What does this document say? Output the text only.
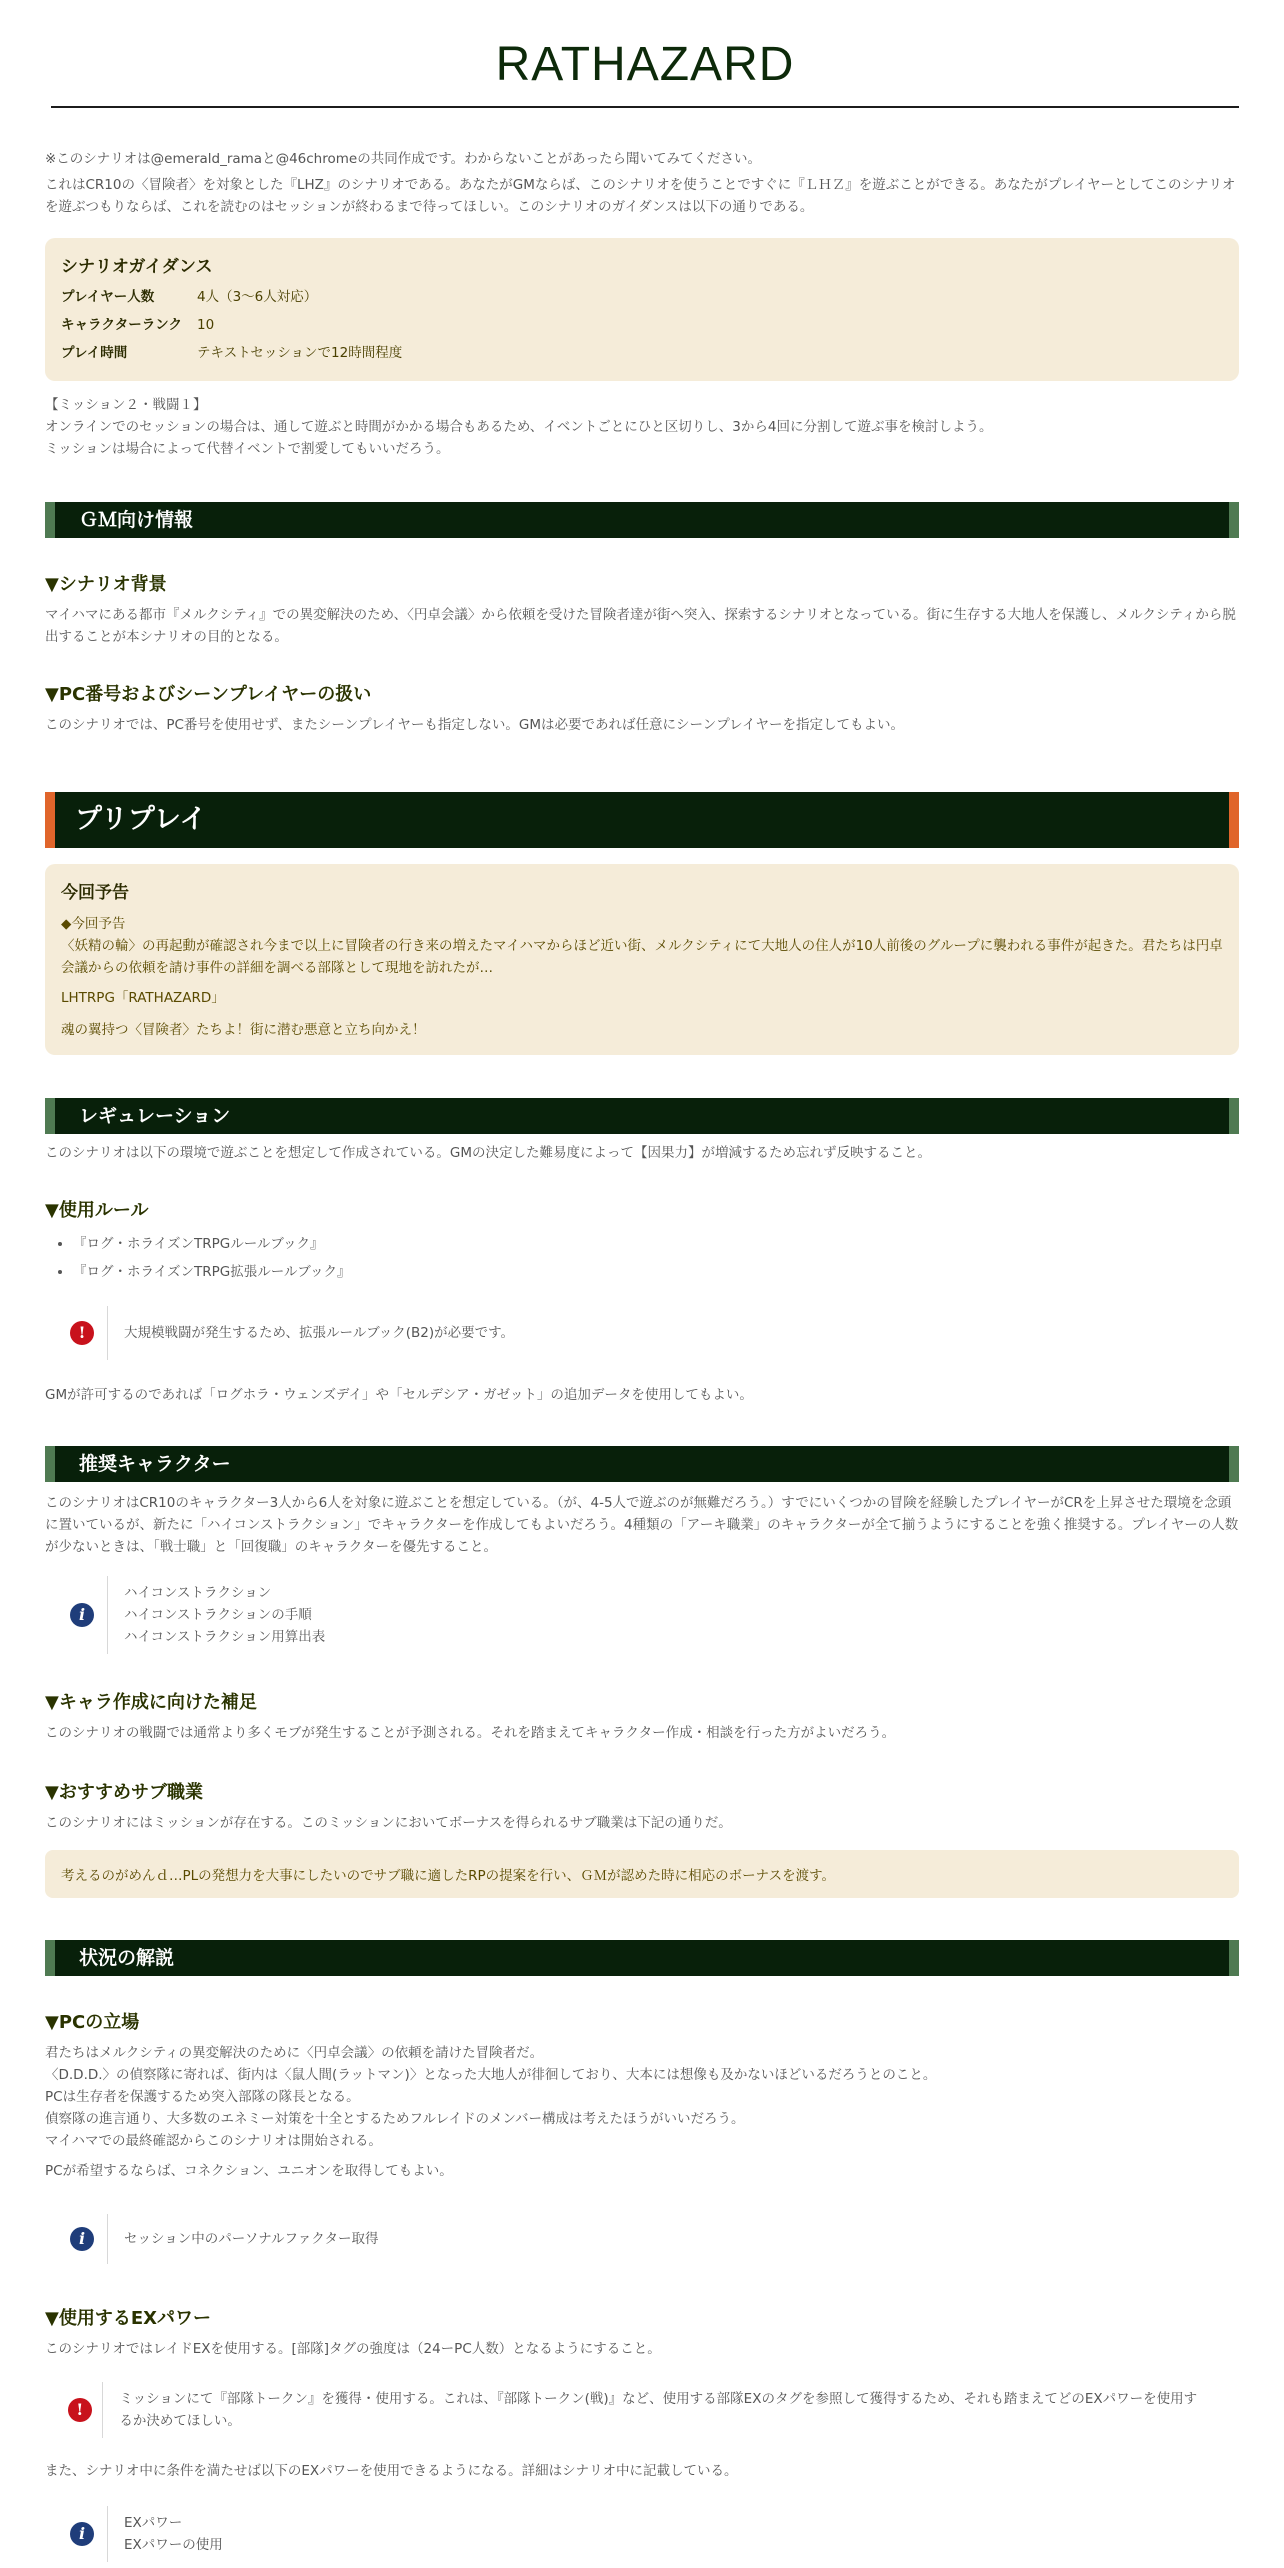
RATHAZARD

※このシナリオは@emerald_ramaと@46chromeの共同作成です。わからないことがあったら聞いてみてください。

これはCR10の〈冒険者〉を対象とした『LHZ』のシナリオである。あなたがGMならば、このシナリオを使うことですぐに『ＬＨＺ』を遊ぶことができる。あなたがプレイヤーとしてこのシナリオを遊ぶつもりならば、これを読むのはセッションが終わるまで待ってほしい。このシナリオのガイダンスは以下の通りである。

シナリオガイダンス
プレイヤー人数	4人（3～6人対応）
キャラクターランク	10
プレイ時間	テキストセッションで12時間程度

【ミッション２・戦闘１】

オンラインでのセッションの場合は、通して遊ぶと時間がかかる場合もあるため、イベントごとにひと区切りし、3から4回に分割して遊ぶ事を検討しよう。

ミッションは場合によって代替イベントで割愛してもいいだろう。

ＧＭ向け情報
▼シナリオ背景

マイハマにある都市『メルクシティ』での異変解決のため、〈円卓会議〉から依頼を受けた冒険者達が街へ突入、探索するシナリオとなっている。街に生存する大地人を保護し、メルクシティから脱出することが本シナリオの目的となる。

▼PC番号およびシーンプレイヤーの扱い

このシナリオでは、PC番号を使用せず、またシーンプレイヤーも指定しない。GMは必要であれば任意にシーンプレイヤーを指定してもよい。

プリプレイ
今回予告

◆今回予告

〈妖精の輪〉の再起動が確認され今まで以上に冒険者の行き来の増えたマイハマからほど近い街、メルクシティにて大地人の住人が10人前後のグループに襲われる事件が起きた。君たちは円卓会議からの依頼を請け事件の詳細を調べる部隊として現地を訪れたが…

LHTRPG「RATHAZARD」

魂の翼持つ〈冒険者〉たちよ！街に潜む悪意と立ち向かえ！

レギュレーション

このシナリオは以下の環境で遊ぶことを想定して作成されている。GMの決定した難易度によって【因果力】が増減するため忘れず反映すること。

▼使用ルール
• 『ログ・ホライズンTRPGルールブック』
• 『ログ・ホライズンTRPG拡張ルールブック』
!	大規模戦闘が発生するため、拡張ルールブック(B2)が必要です。

GMが許可するのであれば「ログホラ・ウェンズデイ」や「セルデシア・ガゼット」の追加データを使用してもよい。

推奨キャラクター

このシナリオはCR10のキャラクター3人から6人を対象に遊ぶことを想定している。（が、4-5人で遊ぶのが無難だろう。）すでにいくつかの冒険を経験したプレイヤーがCRを上昇させた環境を念頭に置いているが、新たに「ハイコンストラクション」でキャラクターを作成してもよいだろう。4種類の「アーキ職業」のキャラクターが全て揃うようにすることを強く推奨する。プレイヤーの人数が少ないときは、「戦士職」と「回復職」のキャラクターを優先すること。

i
ハイコンストラクション
ハイコンストラクションの手順
ハイコンストラクション用算出表
▼キャラ作成に向けた補足

このシナリオの戦闘では通常より多くモブが発生することが予測される。それを踏まえてキャラクター作成・相談を行った方がよいだろう。

▼おすすめサブ職業

このシナリオにはミッションが存在する。このミッションにおいてボーナスを得られるサブ職業は下記の通りだ。

考えるのがめんｄ…PLの発想力を大事にしたいのでサブ職に適したRPの提案を行い、ＧＭが認めた時に相応のボーナスを渡す。
状況の解説
▼PCの立場

君たちはメルクシティの異変解決のために〈円卓会議〉の依頼を請けた冒険者だ。

〈D.D.D.〉の偵察隊に寄れば、街内は〈鼠人間(ラットマン)〉となった大地人が徘徊しており、大本には想像も及かないほどいるだろうとのこと。

PCは生存者を保護するため突入部隊の隊長となる。

偵察隊の進言通り、大多数のエネミー対策を十全とするためフルレイドのメンバー構成は考えたほうがいいだろう。

マイハマでの最終確認からこのシナリオは開始される。

PCが希望するならば、コネクション、ユニオンを取得してもよい。

i	セッション中のパーソナルファクター取得
▼使用するEXパワー

このシナリオではレイドEXを使用する。[部隊]タグの強度は（24ーPC人数）となるようにすること。

!
ミッションにて『部隊トークン』を獲得・使用する。これは、『部隊トークン(戦)』など、使用する部隊EXのタグを参照して獲得するため、それも踏まえてどのEXパワーを使用するか決めてほしい。

また、シナリオ中に条件を満たせば以下のEXパワーを使用できるようになる。詳細はシナリオ中に記載している。

i
EXパワー
EXパワーの使用
